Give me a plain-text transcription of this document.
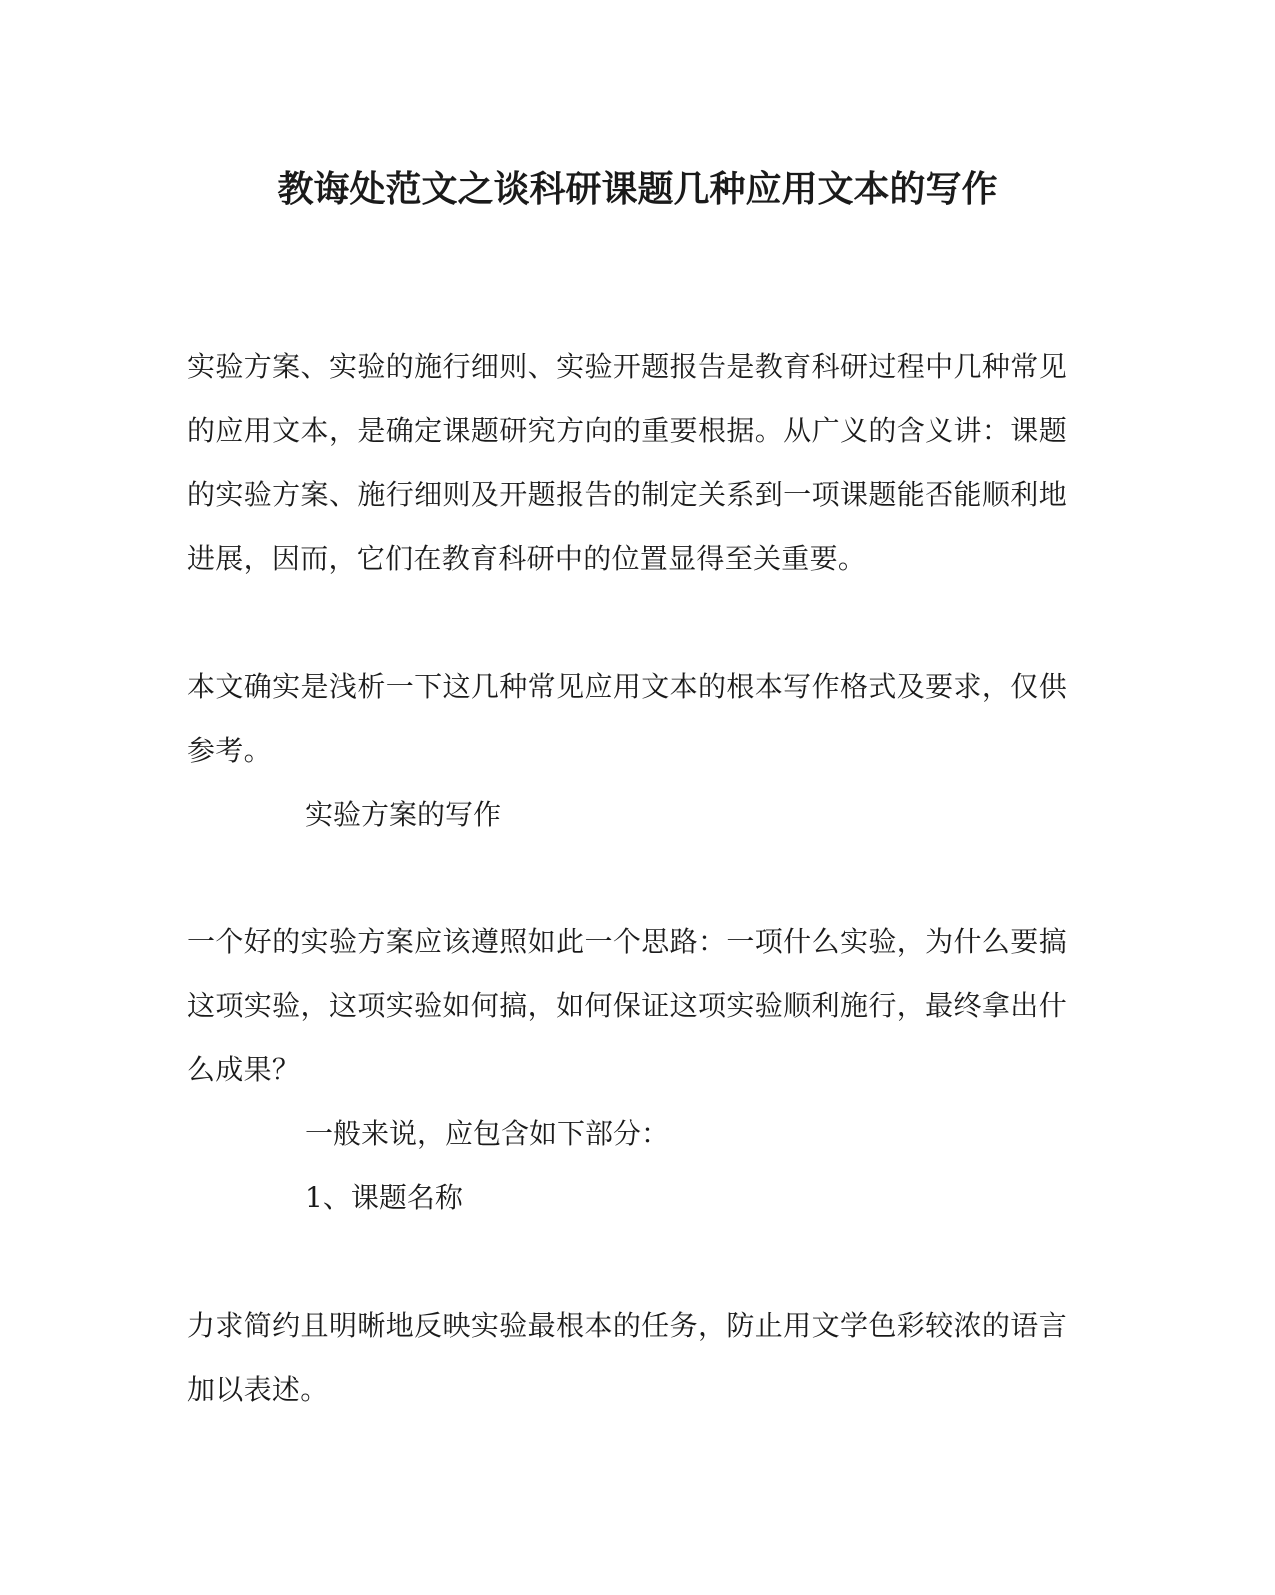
教诲处范文之谈科研课题几种应用文本的写作

实验方案、实验的施行细则、实验开题报告是教育科研过程中几种常见的应用文本，是确定课题研究方向的重要根据。从广义的含义讲：课题的实验方案、施行细则及开题报告的制定关系到一项课题能否能顺利地进展，因而，它们在教育科研中的位置显得至关重要。

本文确实是浅析一下这几种常见应用文本的根本写作格式及要求，仅供参考。

实验方案的写作

一个好的实验方案应该遵照如此一个思路：一项什么实验，为什么要搞这项实验，这项实验如何搞，如何保证这项实验顺利施行，最终拿出什么成果？

一般来说，应包含如下部分：

1、课题名称

力求简约且明晰地反映实验最根本的任务，防止用文学色彩较浓的语言加以表述。
